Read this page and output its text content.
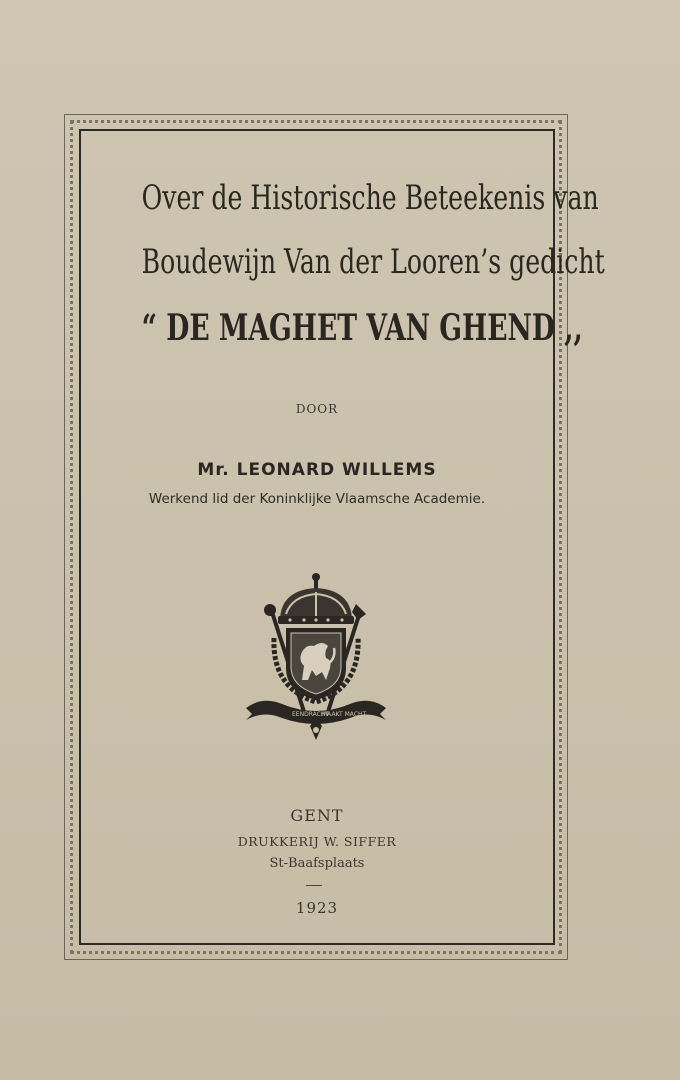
Over de Historische Beteekenis van
Boudewijn Van der Looren’s gedicht
“ DE MAGHET VAN GHEND ,,
DOOR
Mr. LEONARD WILLEMS
Werkend lid der Koninklijke Vlaamsche Academie.
EENDRACHT
MAAKT MACHT
GENT
DRUKKERIJ W. SIFFER
St-Baafsplaats
1923
